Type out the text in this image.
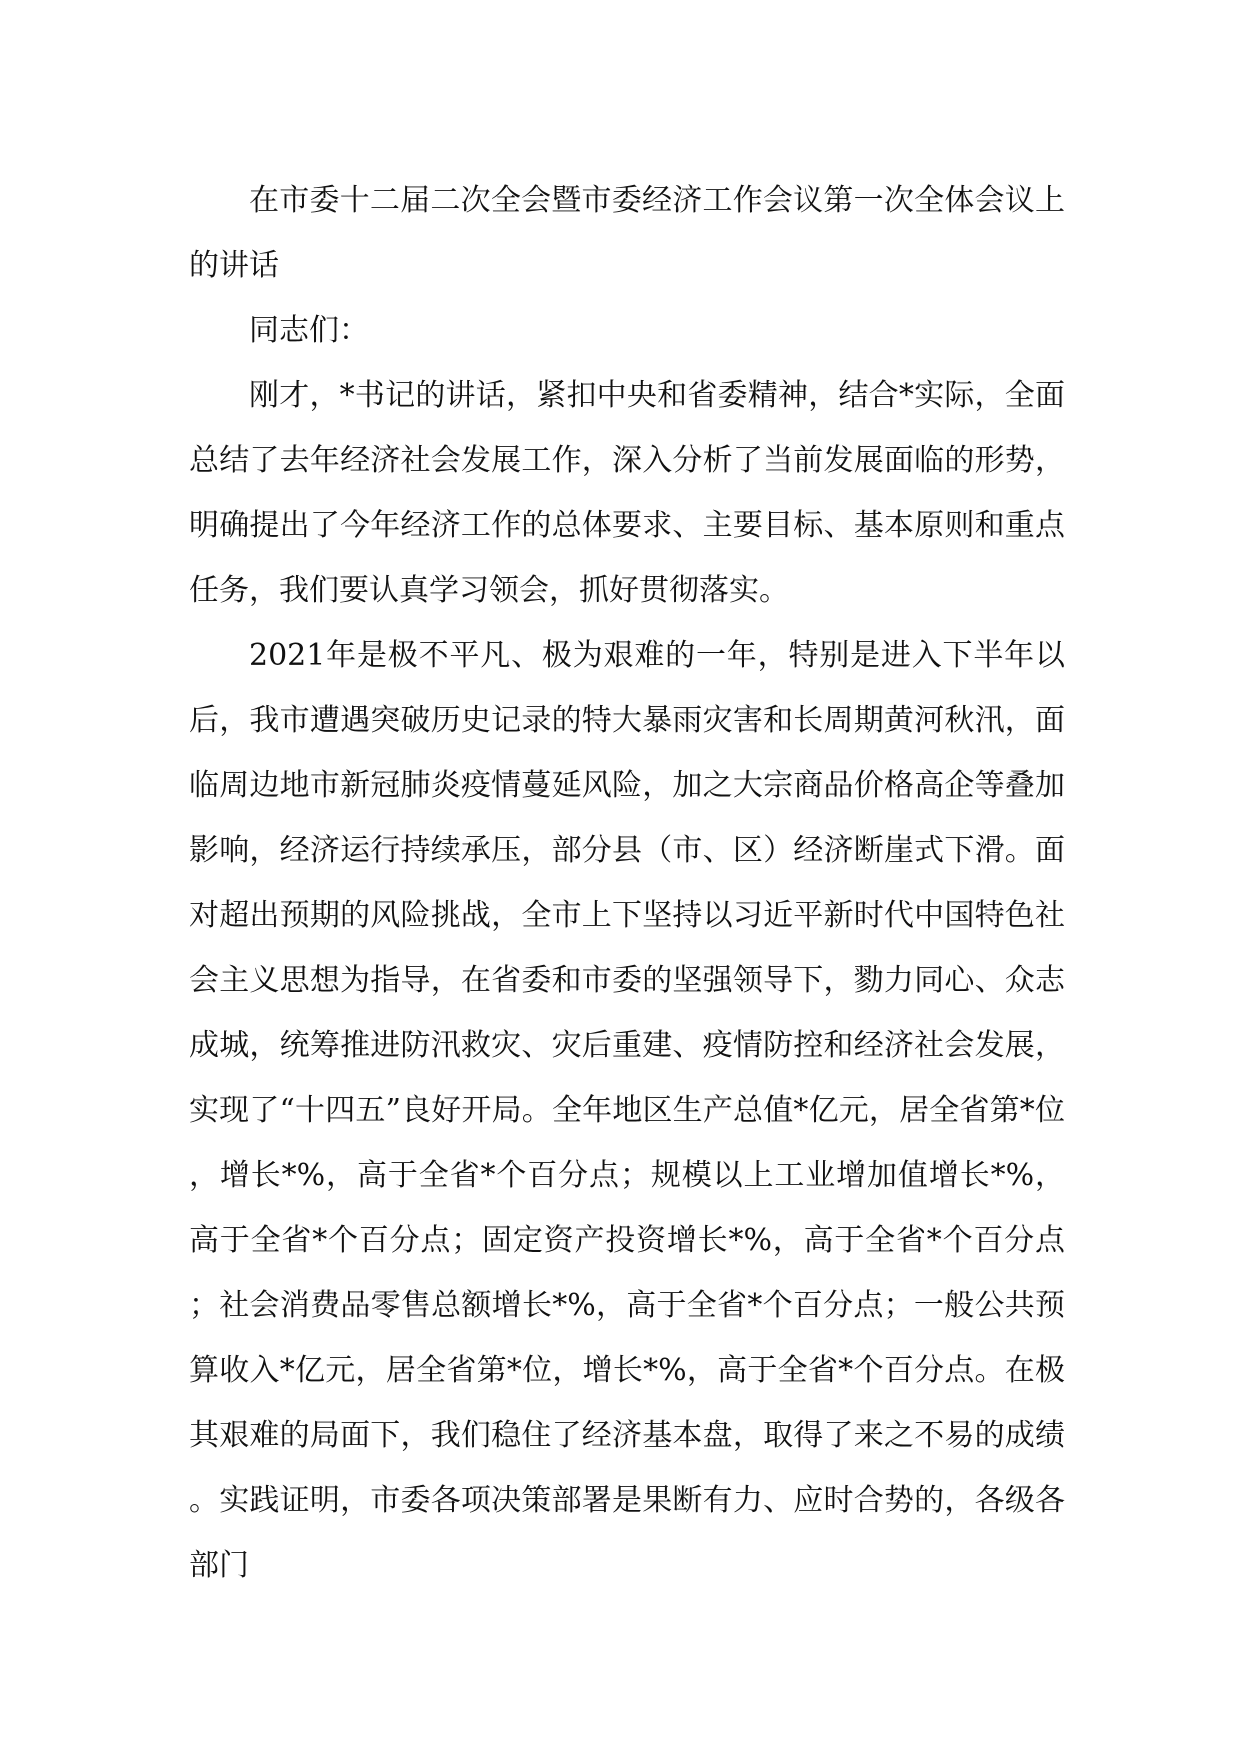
在市委十二届二次全会暨市委经济工作会议第一次全体会议上的讲话

同志们：

刚才，*书记的讲话，紧扣中央和省委精神，结合*实际，全面总结了去年经济社会发展工作，深入分析了当前发展面临的形势，明确提出了今年经济工作的总体要求、主要目标、基本原则和重点任务，我们要认真学习领会，抓好贯彻落实。

2021年是极不平凡、极为艰难的一年，特别是进入下半年以后，我市遭遇突破历史记录的特大暴雨灾害和长周期黄河秋汛，面临周边地市新冠肺炎疫情蔓延风险，加之大宗商品价格高企等叠加影响，经济运行持续承压，部分县（市、区）经济断崖式下滑。面对超出预期的风险挑战，全市上下坚持以习近平新时代中国特色社会主义思想为指导，在省委和市委的坚强领导下，勠力同心、众志成城，统筹推进防汛救灾、灾后重建、疫情防控和经济社会发展，实现了“十四五”良好开局。全年地区生产总值*亿元，居全省第*位，增长*%，高于全省*个百分点；规模以上工业增加值增长*%，高于全省*个百分点；固定资产投资增长*%，高于全省*个百分点；社会消费品零售总额增长*%，高于全省*个百分点；一般公共预算收入*亿元，居全省第*位，增长*%，高于全省*个百分点。在极其艰难的局面下，我们稳住了经济基本盘，取得了来之不易的成绩。实践证明，市委各项决策部署是果断有力、应时合势的，各级各部门
